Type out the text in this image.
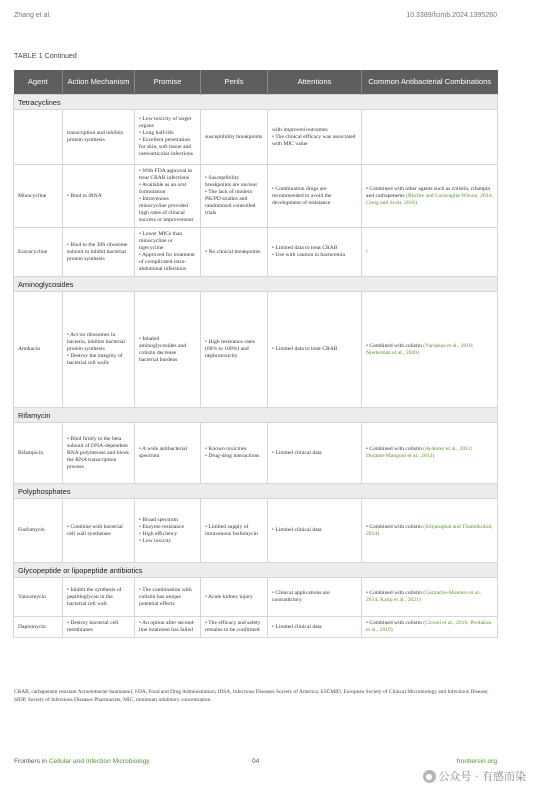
Zhang et al.	10.3389/fcimb.2024.1395260
TABLE 1 Continued
Agent	Action Mechanism	Promise	Perils	Attentions	Common Antibacterial Combinations
Tetracyclines					

	transcription and inhibits protein synthesis	• Low toxicity of target organs
• Long half-life
• Excellent penetration for skin, soft tissue and osteoarticular infections	susceptibility breakpoints	with improved outcomes
• The clinical efficacy was associated with MIC value	

Minocycline	• Bind to tRNA	• With FDA approval to treat CRAB infections
• Available as an oral formulation
• Intravenous minocycline provided high rates of clinical success or improvement	• Susceptibility breakpoints are unclear
• The lack of modern PK/PD studies and randomized controlled trials	• Combination drugs are recommended to avoid the development of resistance	• Combined with other agents such as colistin, rifampin and carbapenems (Ritchie and Garavaglia-Wilson, 2014; Greig and Scott, 2016)
Eravacycline	• Bind to the 30S ribosome subunit to inhibit bacterial protein synthesis	• Lower MICs than minocycline or tigecycline
• Approved for treatment of complicated intra-abdominal infections	• No clinical breakpoints	• Limited data to treat CRAB
• Use with caution in bacteremia	/
Aminoglycosides					
Amikacin	• Act on ribosomes in bacteria, inhibits bacterial protein synthesis
• Destroy the integrity of bacterial cell walls	• Inhaled aminoglycosides and colistin decrease bacterial burdens	• High resistance rates (68% to 100%) and nephrotoxicity	• Limited data to treat CRAB	• Combined with colistin (Vardakas et al., 2018; Niederman et al., 2020)
Rifamycin					
Rifampicin	• Bind firmly to the beta subunit of DNA-dependent RNA polymerase and block the RNA transcription process	• A wide antibacterial spectrum	• Known toxicities
• Drug-drug interactions	• Limited clinical data	• Combined with colistin (Aydemir et al., 2013; Durante-Mangoni et al., 2013)
Polyphosphates					
Fosfomycin	• Combine with bacterial cell wall synthetase	• Broad spectrum
• Enzyme resistance
• High efficiency
• Low toxicity	• Limited supply of intravenous fosfomycin	• Limited clinical data	• Combined with colistin (Sirijatuphat and Thamlikitkul, 2014)
Glycopeptide or lipopeptide antibiotics					
Vancomycin	• Inhibit the synthesis of peptidoglycan in the bacterial cell wall	• The combination with colistin has unique potential effects	• Acute kidney injury	• Clinical applications are contradictory	• Combined with colistin (Garnacho-Montero et al., 2014; Katip et al., 2021)
Daptomycin	• Destroy bacterial cell membranes	• An option after second-line treatment has failed	• The efficacy and safety remains to be confirmed	• Limited clinical data	• Combined with colistin (Cirioni et al., 2016; Perdakou et al., 2019)
CRAB, carbapenem resistant Acinetobacter baumannii; FDA, Food and Drug Administration; IDSA, Infectious Diseases Society of America; ESCMID, European Society of Clinical Microbiology and Infectious Disease; SIDP, Society of Infectious Diseases Pharmacists; MIC, minimum inhibitory concentration.
Frontiers in Cellular and Infection Microbiology	04	frontiersin.org
● 公众号 · 有感而染
